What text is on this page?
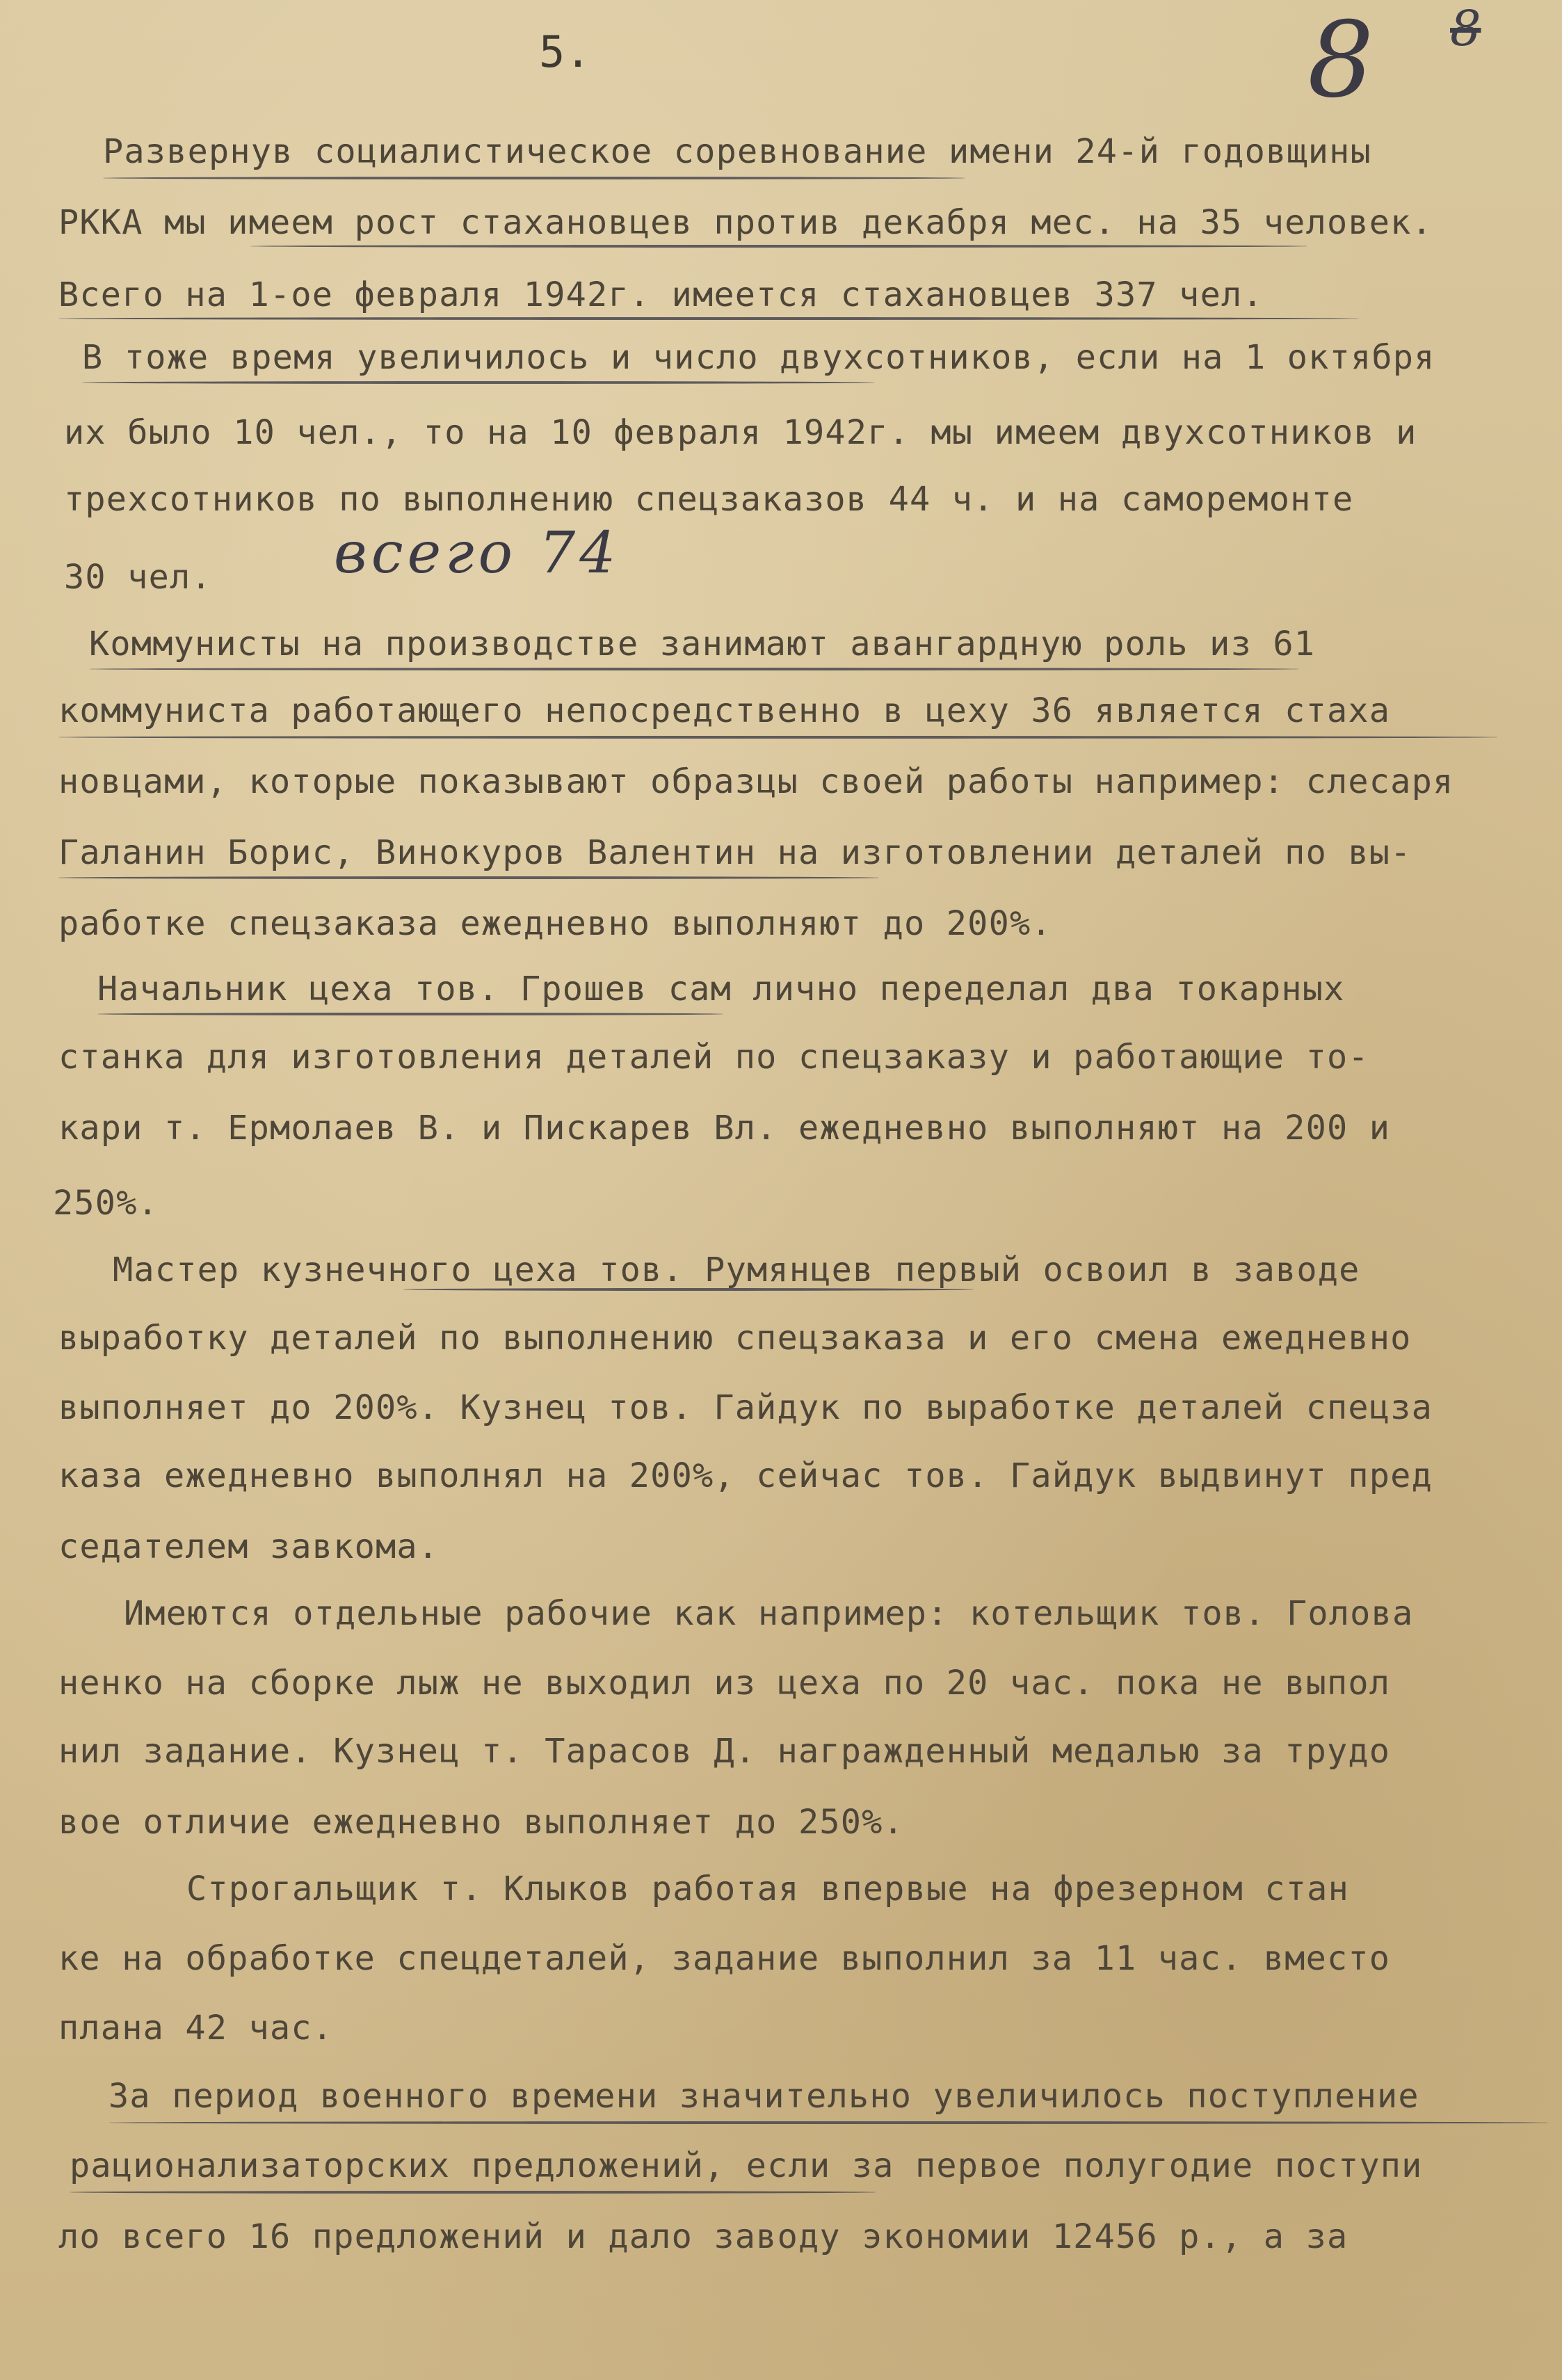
5.	8 8
всего 74
Развернув социалистическое соревнование имени 24-й годовщины
РККА мы имеем рост стахановцев против декабря мес. на 35 человек.
Всего на 1-ое февраля 1942г. имеется стахановцев 337 чел.
В тоже время увеличилось и число двухсотников, если на 1 октября
их было 10 чел., то на 10 февраля 1942г. мы имеем двухсотников и
трехсотников по выполнению спецзаказов 44 ч. и на саморемонте
30 чел.
Коммунисты на производстве занимают авангардную роль из 61
коммуниста работающего непосредственно в цеху 36 является стаха
новцами, которые показывают образцы своей работы например: слесаря
Галанин Борис, Винокуров Валентин на изготовлении деталей по вы-
работке спецзаказа ежедневно выполняют до 200%.
Начальник цеха тов. Грошев сам лично переделал два токарных
станка для изготовления деталей по спецзаказу и работающие то-
кари т. Ермолаев В. и Пискарев Вл. ежедневно выполняют на 200 и
250%.
Мастер кузнечного цеха тов. Румянцев первый освоил в заводе
выработку деталей по выполнению спецзаказа и его смена ежедневно
выполняет до 200%. Кузнец тов. Гайдук по выработке деталей спецза
каза ежедневно выполнял на 200%, сейчас тов. Гайдук выдвинут пред
седателем завкома.
Имеются отдельные рабочие как например: котельщик тов. Голова
ненко на сборке лыж не выходил из цеха по 20 час. пока не выпол
нил задание. Кузнец т. Тарасов Д. награжденный медалью за трудо
вое отличие ежедневно выполняет до 250%.
Строгальщик т. Клыков работая впервые на фрезерном стан
ке на обработке спецдеталей, задание выполнил за 11 час. вместо
плана 42 час.
За период военного времени значительно увеличилось поступление
рационализаторских предложений, если за первое полугодие поступи
ло всего 16 предложений и дало заводу экономии 12456 р., а за
